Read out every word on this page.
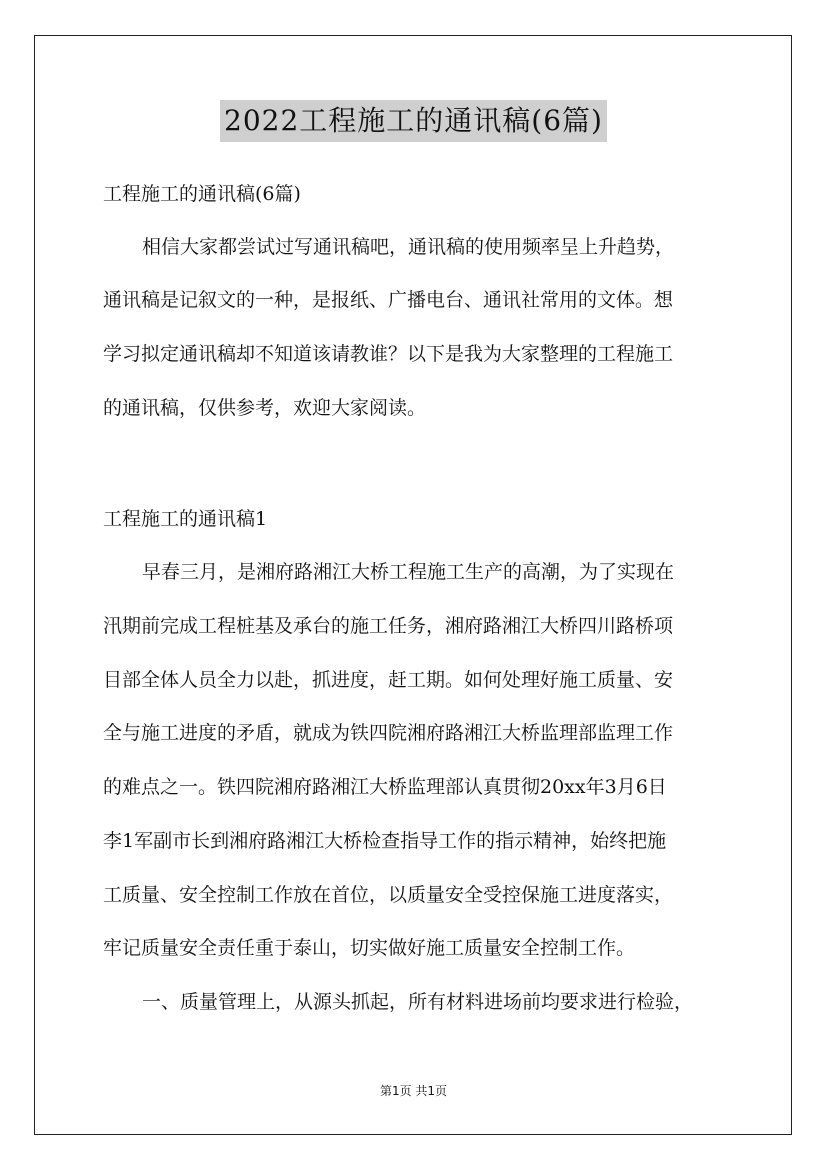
2022工程施工的通讯稿(6篇)
工程施工的通讯稿(6篇)
相信大家都尝试过写通讯稿吧，通讯稿的使用频率呈上升趋势，
通讯稿是记叙文的一种，是报纸、广播电台、通讯社常用的文体。想
学习拟定通讯稿却不知道该请教谁？以下是我为大家整理的工程施工
的通讯稿，仅供参考，欢迎大家阅读。
工程施工的通讯稿1
早春三月，是湘府路湘江大桥工程施工生产的高潮，为了实现在
汛期前完成工程桩基及承台的施工任务，湘府路湘江大桥四川路桥项
目部全体人员全力以赴，抓进度，赶工期。如何处理好施工质量、安
全与施工进度的矛盾，就成为铁四院湘府路湘江大桥监理部监理工作
的难点之一。铁四院湘府路湘江大桥监理部认真贯彻20xx年3月6日
李1军副市长到湘府路湘江大桥检查指导工作的指示精神，始终把施
工质量、安全控制工作放在首位，以质量安全受控保施工进度落实，
牢记质量安全责任重于泰山，切实做好施工质量安全控制工作。
一、质量管理上，从源头抓起，所有材料进场前均要求进行检验，
第1页 共1页
